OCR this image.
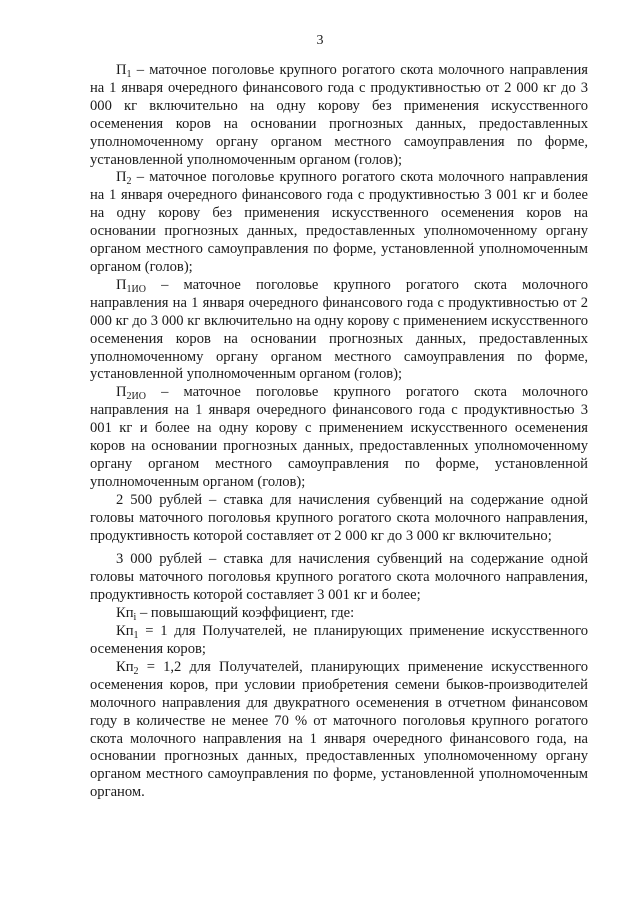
3

$П_1$ – маточное поголовье крупного рогатого скота молочного направления на 1 января очередного финансового года с продуктивностью от 2 000 кг до 3 000 кг включительно на одну корову без применения искусственного осеменения коров на основании прогнозных данных, предоставленных уполномоченному органу органом местного самоуправления по форме, установленной уполномоченным органом (голов);

$П_2$ – маточное поголовье крупного рогатого скота молочного направления на 1 января очередного финансового года с продуктивностью 3 001 кг и более на одну корову без применения искусственного осеменения коров на основании прогнозных данных, предоставленных уполномоченному органу органом местного самоуправления по форме, установленной уполномоченным органом (голов);

$П_{1ИО}$ – маточное поголовье крупного рогатого скота молочного направления на 1 января очередного финансового года с продуктивностью от 2 000 кг до 3 000 кг включительно на одну корову с применением искусственного осеменения коров на основании прогнозных данных, предоставленных уполномоченному органу органом местного самоуправления по форме, установленной уполномоченным органом (голов);

$П_{2ИО}$ – маточное поголовье крупного рогатого скота молочного направления на 1 января очередного финансового года с продуктивностью 3 001 кг и более на одну корову с применением искусственного осеменения коров на основании прогнозных данных, предоставленных уполномоченному органу органом местного самоуправления по форме, установленной уполномоченным органом (голов);

2 500 рублей – ставка для начисления субвенций на содержание одной головы маточного поголовья крупного рогатого скота молочного направления, продуктивность которой составляет от 2 000 кг до 3 000 кг включительно;

3 000 рублей – ставка для начисления субвенций на содержание одной головы маточного поголовья крупного рогатого скота молочного направления, продуктивность которой составляет 3 001 кг и более;

$Кп_i$ – повышающий коэффициент, где:

$Кп_1 = 1$ для Получателей, не планирующих применение искусственного осеменения коров;

$Кп_2 = 1,2$ для Получателей, планирующих применение искусственного осеменения коров, при условии приобретения семени быков-производителей молочного направления для двукратного осеменения в отчетном финансовом году в количестве не менее 70 % от маточного поголовья крупного рогатого скота молочного направления на 1 января очередного финансового года, на основании прогнозных данных, предоставленных уполномоченному органу органом местного самоуправления по форме, установленной уполномоченным органом.
